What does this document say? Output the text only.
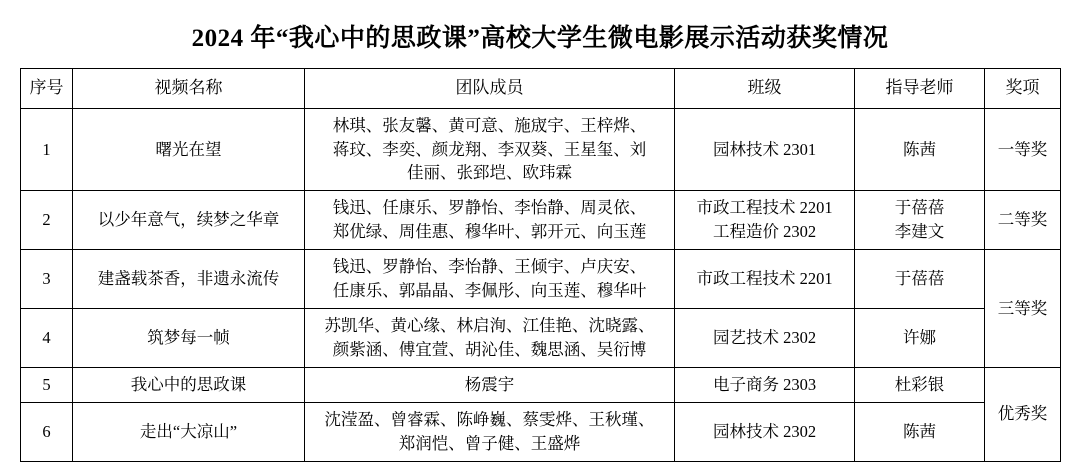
2024 年“我心中的思政课”高校大学生微电影展示活动获奖情况
序号	视频名称	团队成员	班级	指导老师	奖项
1	曙光在望	林琪、张友馨、黄可意、施宬宇、王梓烨、
蒋玟、李奕、颜龙翔、李双葵、王星玺、刘
佳丽、张郅垲、欧玮霖	园林技术 2301	陈茜	一等奖
2	以少年意气，续梦之华章	钱迅、任康乐、罗静怡、李怡静、周灵依、
郑优绿、周佳惠、穆华叶、郭开元、向玉莲	市政工程技术 2201
工程造价 2302	于蓓蓓
李建文	二等奖
3	建盏载茶香，非遗永流传	钱迅、罗静怡、李怡静、王倾宇、卢庆安、
任康乐、郭晶晶、李佩彤、向玉莲、穆华叶	市政工程技术 2201	于蓓蓓	三等奖
4	筑梦每一帧	苏凯华、黄心缘、林启洵、江佳艳、沈晓露、
颜紫涵、傅宜萱、胡沁佳、魏思涵、吴衍博	园艺技术 2302	许娜	

5	我心中的思政课	杨震宇	电子商务 2303	杜彩银	优秀奖
6	走出“大凉山”	沈滢盈、曾睿霖、陈峥巍、蔡雯烨、王秋瑾、
郑润恺、曾子健、王盛烨	园林技术 2302	陈茜	
